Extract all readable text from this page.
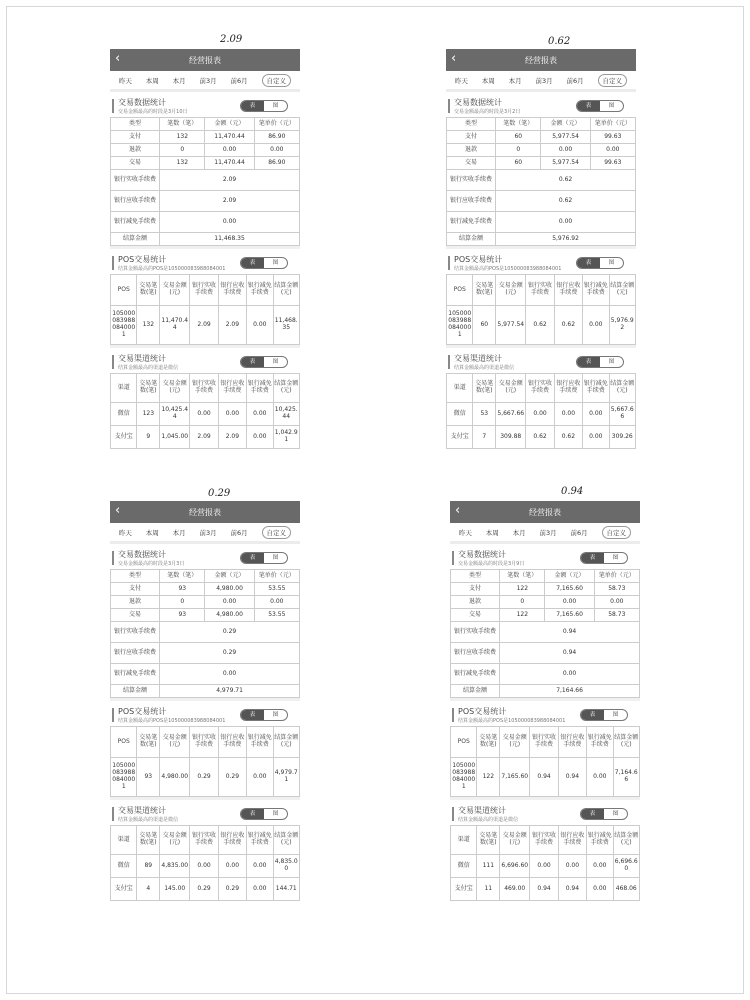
2.09	0.62
0.29	0.94
‹	经营报表
昨天 本周 本月 前3月 前6月	自定义
交易数据统计
交易金额最高的时段是3月10日
表	图
类型	笔数（笔）	金额（元）	笔单价（元）
支付	132	11,470.44	86.90
退款	0	0.00	0.00
交易	132	11,470.44	86.90
银行实收手续费	2.09		
银行应收手续费	2.09		
银行减免手续费	0.00		
结算金额	11,468.35		
POS交易统计
结算金额最高的POS是105000083988084001
表	图
POS	交易笔数(笔)	交易金额(元)	银行实收手续费	银行应收手续费	银行减免手续费	结算金额(元)
105000083988084000 1	132	11,470.44	2.09	2.09	0.00	11,468.35
交易渠道统计
结算金额最高的渠道是微信
表	图
渠道	交易笔数(笔)	交易金额(元)	银行实收手续费	银行应收手续费	银行减免手续费	结算金额(元)
微信	123	10,425.44	0.00	0.00	0.00	10,425.44
支付宝	9	1,045.00	2.09	2.09	0.00	1,042.91
‹	经营报表
昨天 本周 本月 前3月 前6月	自定义
交易数据统计
交易金额最高的时段是3月2日
表	图
类型	笔数（笔）	金额（元）	笔单价（元）
支付	60	5,977.54	99.63
退款	0	0.00	0.00
交易	60	5,977.54	99.63
银行实收手续费	0.62		
银行应收手续费	0.62		
银行减免手续费	0.00		
结算金额	5,976.92		
POS交易统计
结算金额最高的POS是105000083988084001
表	图
POS	交易笔数(笔)	交易金额(元)	银行实收手续费	银行应收手续费	银行减免手续费	结算金额(元)
105000083988084000 1	60	5,977.54	0.62	0.62	0.00	5,976.92
交易渠道统计
结算金额最高的渠道是微信
表	图
渠道	交易笔数(笔)	交易金额(元)	银行实收手续费	银行应收手续费	银行减免手续费	结算金额(元)
微信	53	5,667.66	0.00	0.00	0.00	5,667.66
支付宝	7	309.88	0.62	0.62	0.00	309.26
‹	经营报表
昨天 本周 本月 前3月 前6月	自定义
交易数据统计
交易金额最高的时段是3月3日
表	图
类型	笔数（笔）	金额（元）	笔单价（元）
支付	93	4,980.00	53.55
退款	0	0.00	0.00
交易	93	4,980.00	53.55
银行实收手续费	0.29		
银行应收手续费	0.29		
银行减免手续费	0.00		
结算金额	4,979.71		
POS交易统计
结算金额最高的POS是105000083988084001
表	图
POS	交易笔数(笔)	交易金额(元)	银行实收手续费	银行应收手续费	银行减免手续费	结算金额(元)
105000083988084000 1	93	4,980.00	0.29	0.29	0.00	4,979.71
交易渠道统计
结算金额最高的渠道是微信
表	图
渠道	交易笔数(笔)	交易金额(元)	银行实收手续费	银行应收手续费	银行减免手续费	结算金额(元)
微信	89	4,835.00	0.00	0.00	0.00	4,835.00
支付宝	4	145.00	0.29	0.29	0.00	144.71
‹	经营报表
昨天 本周 本月 前3月 前6月	自定义
交易数据统计
交易金额最高的时段是3月9日
表	图
类型	笔数（笔）	金额（元）	笔单价（元）
支付	122	7,165.60	58.73
退款	0	0.00	0.00
交易	122	7,165.60	58.73
银行实收手续费	0.94		
银行应收手续费	0.94		
银行减免手续费	0.00		
结算金额	7,164.66		
POS交易统计
结算金额最高的POS是105000083988084001
表	图
POS	交易笔数(笔)	交易金额(元)	银行实收手续费	银行应收手续费	银行减免手续费	结算金额(元)
105000083988084000 1	122	7,165.60	0.94	0.94	0.00	7,164.66
交易渠道统计
结算金额最高的渠道是微信
表	图
渠道	交易笔数(笔)	交易金额(元)	银行实收手续费	银行应收手续费	银行减免手续费	结算金额(元)
微信	111	6,696.60	0.00	0.00	0.00	6,696.60
支付宝	11	469.00	0.94	0.94	0.00	468.06
